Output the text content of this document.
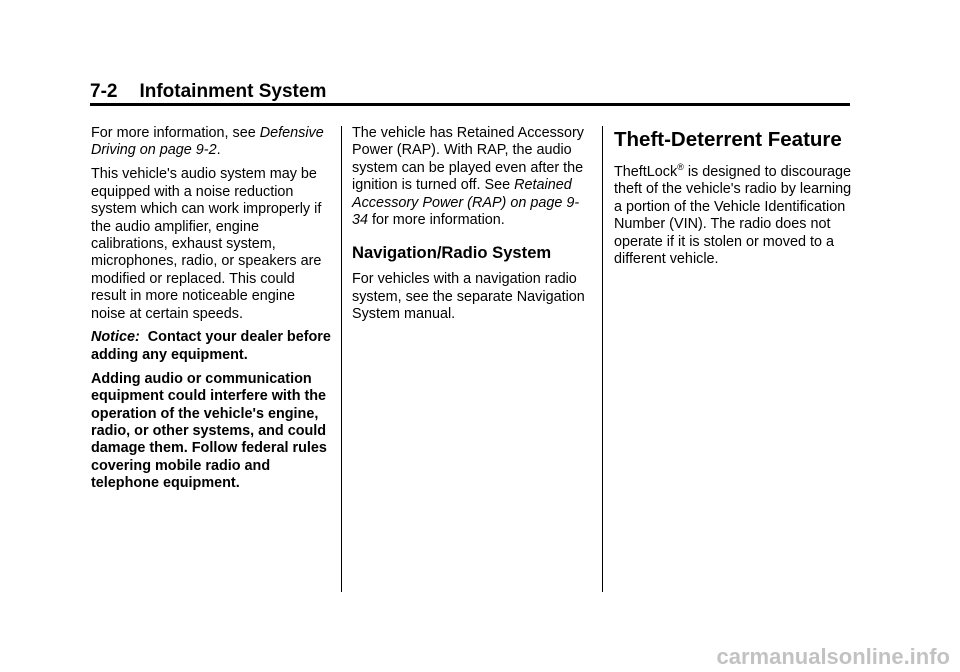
7-2 Infotainment System

For more information, see Defensive Driving on page 9-2.

This vehicle's audio system may be equipped with a noise reduction system which can work improperly if the audio amplifier, engine calibrations, exhaust system, microphones, radio, or speakers are modified or replaced. This could result in more noticeable engine noise at certain speeds.

Notice: Contact your dealer before adding any equipment.

Adding audio or communication equipment could interfere with the operation of the vehicle's engine, radio, or other systems, and could damage them. Follow federal rules covering mobile radio and telephone equipment.

The vehicle has Retained Accessory Power (RAP). With RAP, the audio system can be played even after the ignition is turned off. See Retained Accessory Power (RAP) on page 9-34 for more information.

Navigation/Radio System

For vehicles with a navigation radio system, see the separate Navigation System manual.

Theft-Deterrent Feature

TheftLock® is designed to discourage theft of the vehicle's radio by learning a portion of the Vehicle Identification Number (VIN). The radio does not operate if it is stolen or moved to a different vehicle.

carmanualsonline.info
